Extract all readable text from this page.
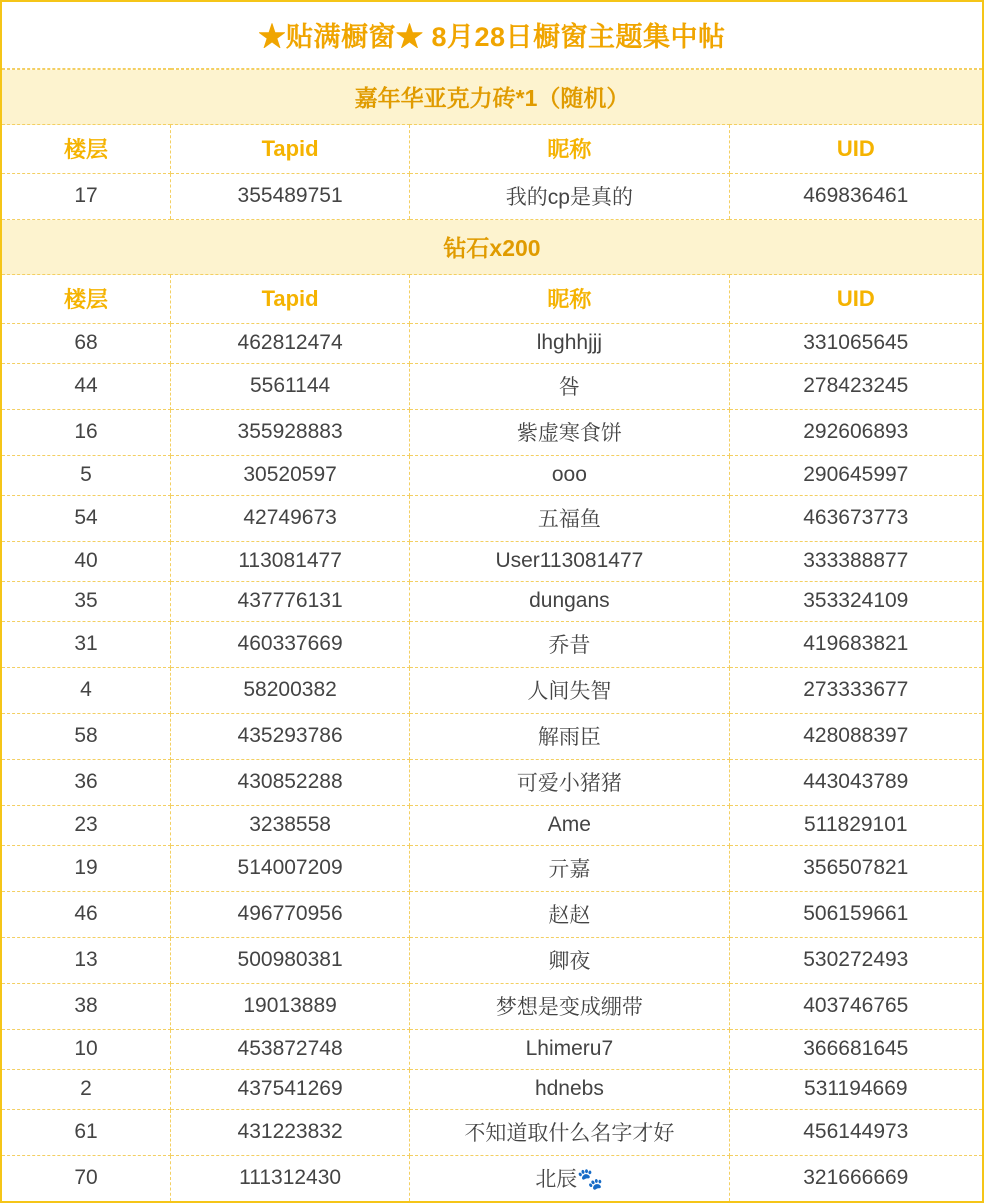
★贴满橱窗★ 8月28日橱窗主题集中帖
嘉年华亚克力砖*1（随机）			
楼层	Tapid	昵称	UID
17	355489751	我的cp是真的	469836461
钻石x200			
楼层	Tapid	昵称	UID
68	462812474	lhghhjjj	331065645
44	5561144	咎	278423245
16	355928883	紫虚寒食饼	292606893
5	30520597	ooo	290645997
54	42749673	五福鱼	463673773
40	113081477	User113081477	333388877
35	437776131	dungans	353324109
31	460337669	乔昔	419683821
4	58200382	人间失智	273333677
58	435293786	解雨臣	428088397
36	430852288	可爱小猪猪	443043789
23	3238558	Ame	511829101
19	514007209	亓嘉	356507821
46	496770956	赵赵	506159661
13	500980381	卿夜	530272493
38	19013889	梦想是变成绷带	403746765
10	453872748	Lhimeru7	366681645
2	437541269	hdnebs	531194669
61	431223832	不知道取什么名字才好	456144973
70	111312430	北辰🐾	321666669
